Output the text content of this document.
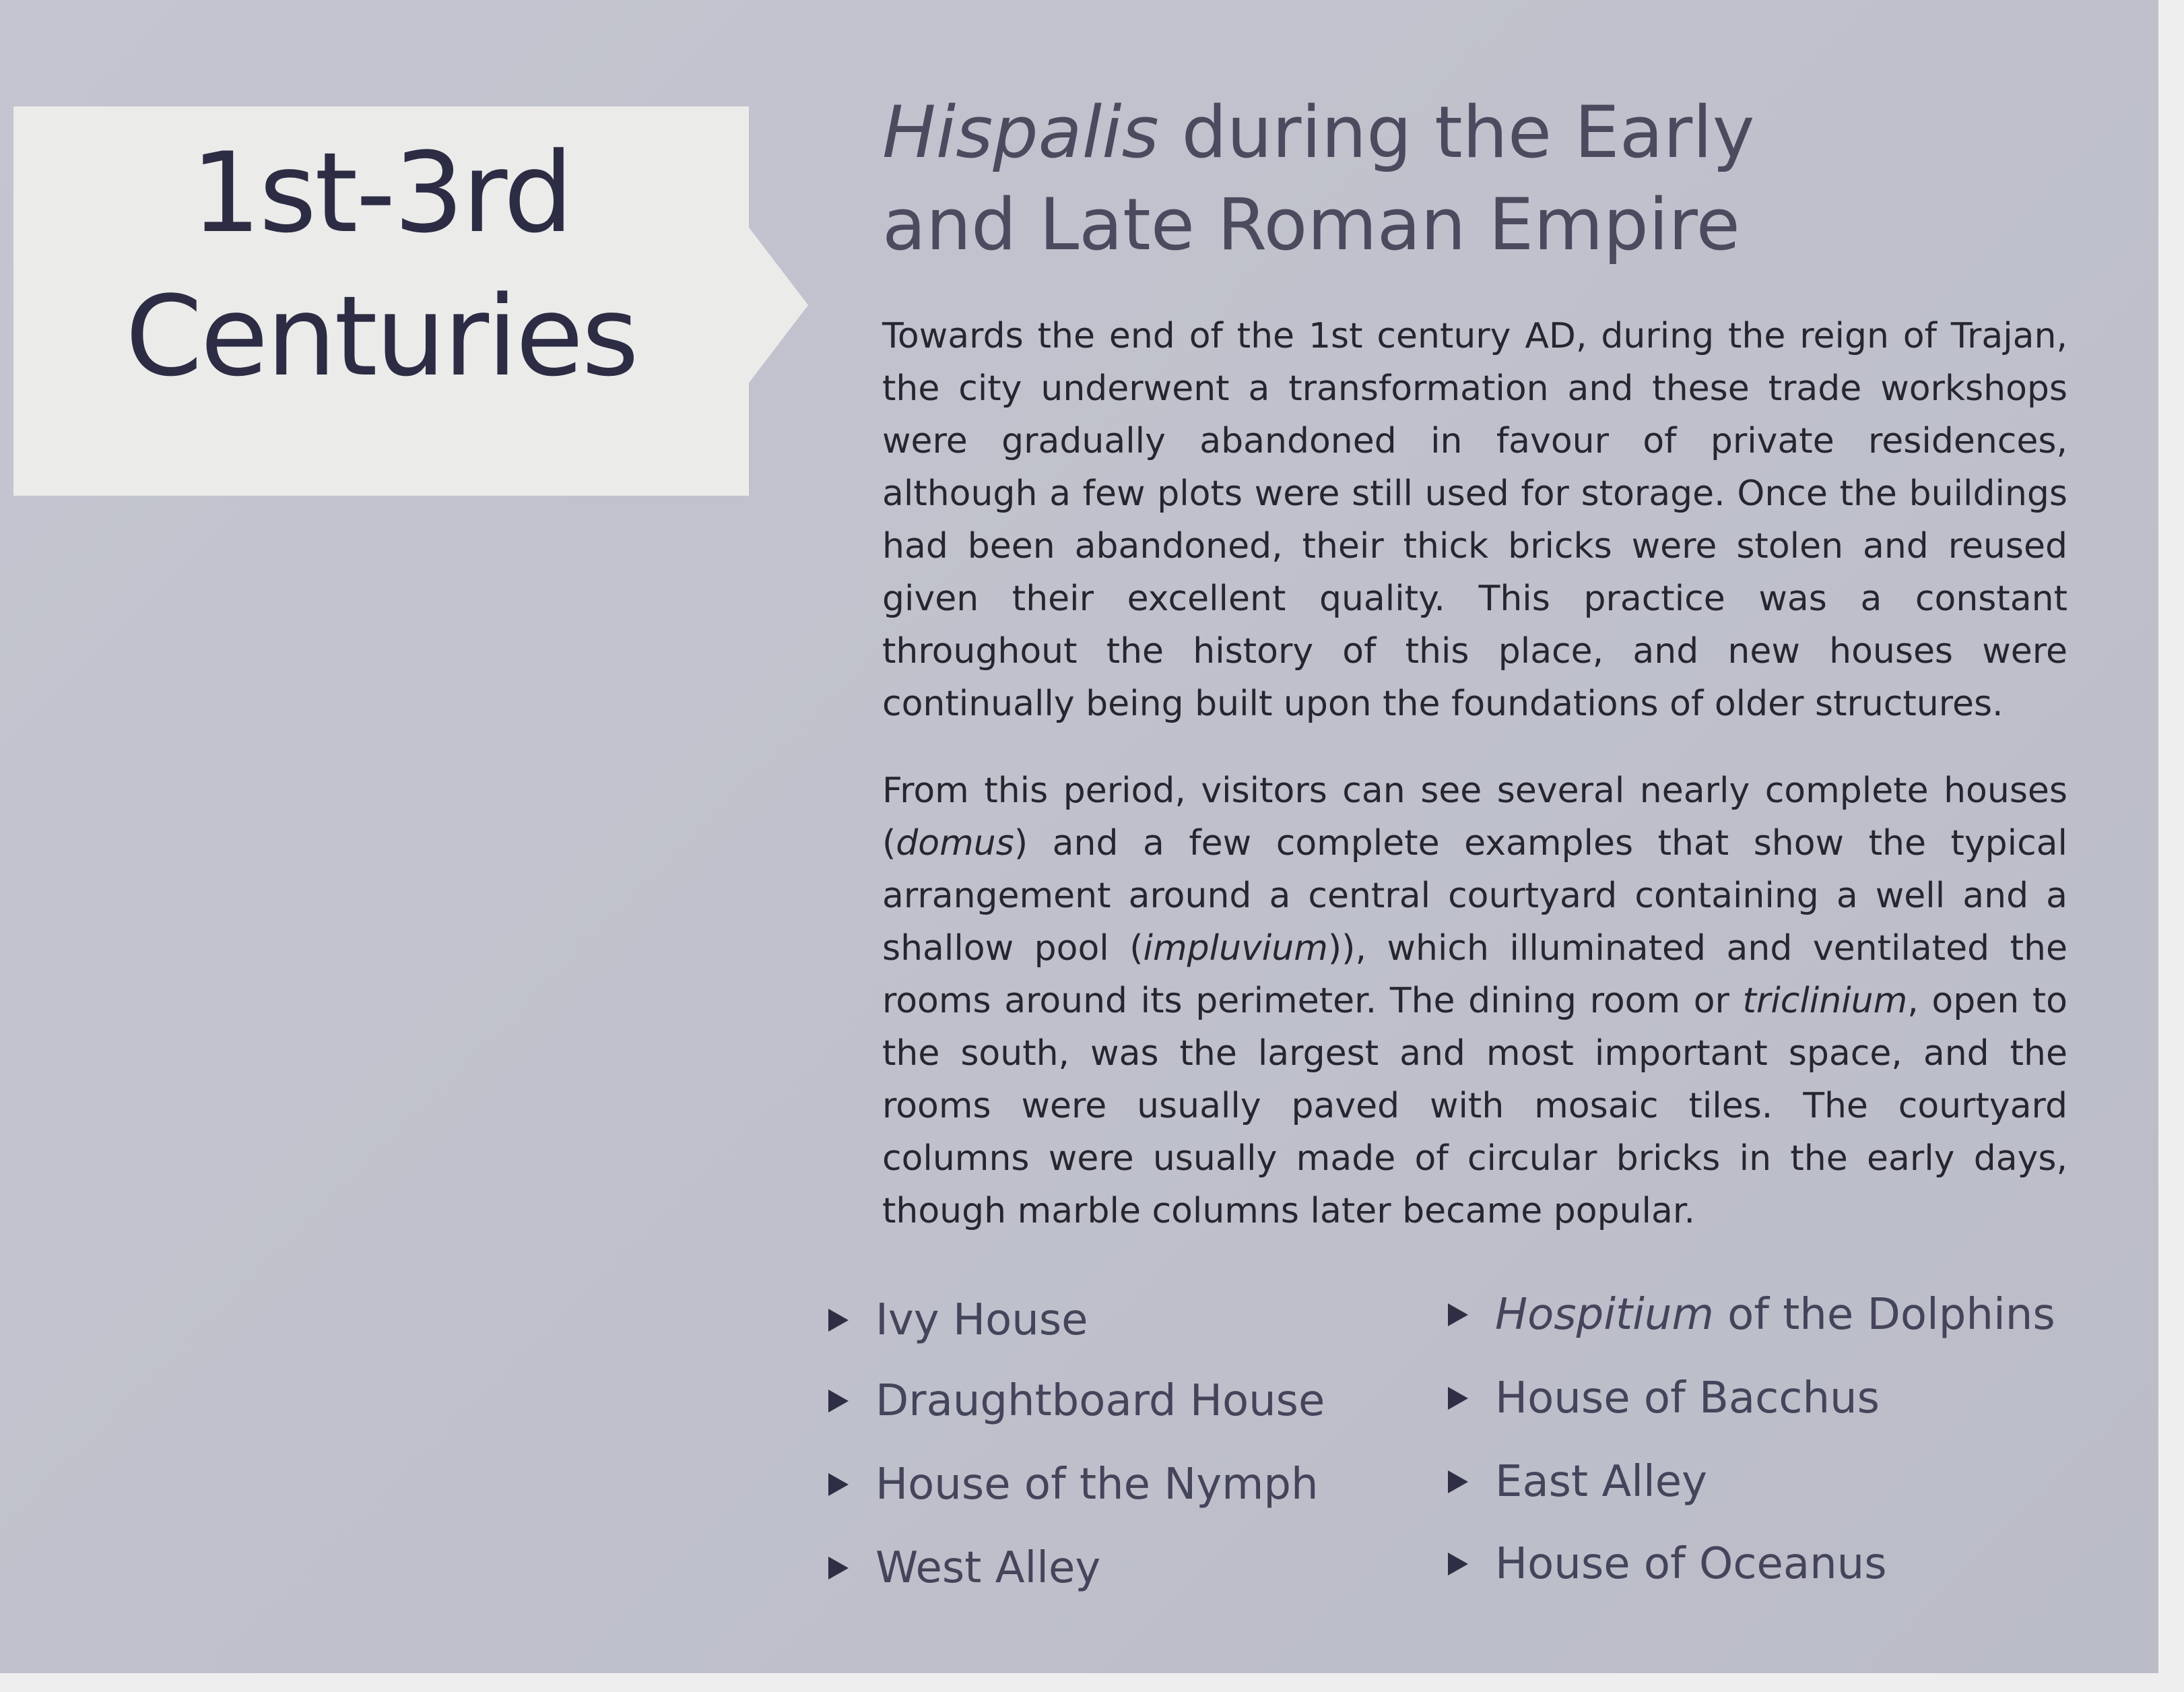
1st-3rd
Centuries
Hispalis during the Early
and Late Roman Empire

Towards the end of the 1st century AD, during the reign of Trajan, the city underwent a transformation and these trade workshops were gradually abandoned in favour of private residences, although a few plots were still used for storage. Once the buildings had been abandoned, their thick bricks were stolen and reused given their excellent quality. This practice was a constant throughout the history of this place, and new houses were continually being built upon the foundations of older structures.

From this period, visitors can see several nearly complete houses (domus) and a few complete examples that show the typical arrangement around a central courtyard containing a well and a shallow pool (impluvium)), which illuminated and ventilated the rooms around its perimeter. The dining room or triclinium, open to the south, was the largest and most important space, and the rooms were usually paved with mosaic tiles. The courtyard columns were usually made of circular bricks in the early days, though marble columns later became popular.

Ivy House
Draughtboard House
House of the Nymph
West Alley
Hospitium of the Dolphins
House of Bacchus
East Alley
House of Oceanus
